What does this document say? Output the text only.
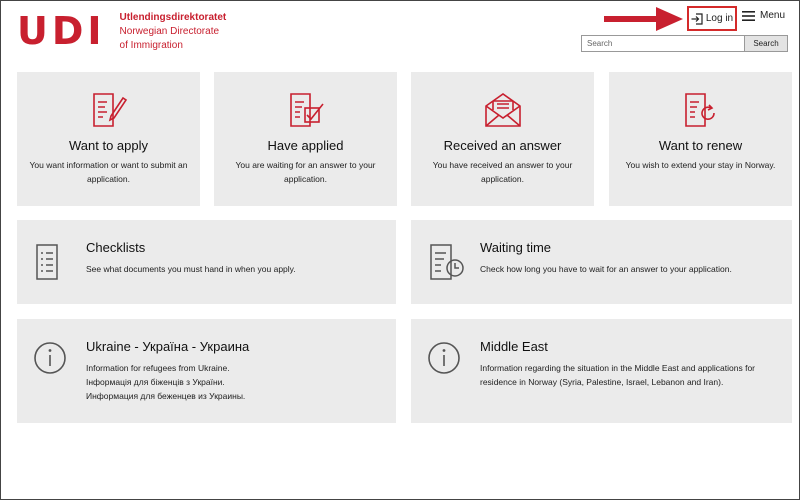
UDI Utlendingsdirektoratet
Norwegian Directorate
of Immigration
Log in	Menu
Search
Search
Want to apply
You want information or want to submit an application.
Have applied
You are waiting for an answer to your application.
Received an answer
You have received an answer to your application.
Want to renew
You wish to extend your stay in Norway.
Checklists
See what documents you must hand in when you apply.
Waiting time
Check how long you have to wait for an answer to your application.
Ukraine - Україна - Украина
Information for refugees from Ukraine.
Інформація для біженців з України.
Информация для беженцев из Украины.
Middle East
Information regarding the situation in the Middle East and applications for residence in Norway (Syria, Palestine, Israel, Lebanon and Iran).
